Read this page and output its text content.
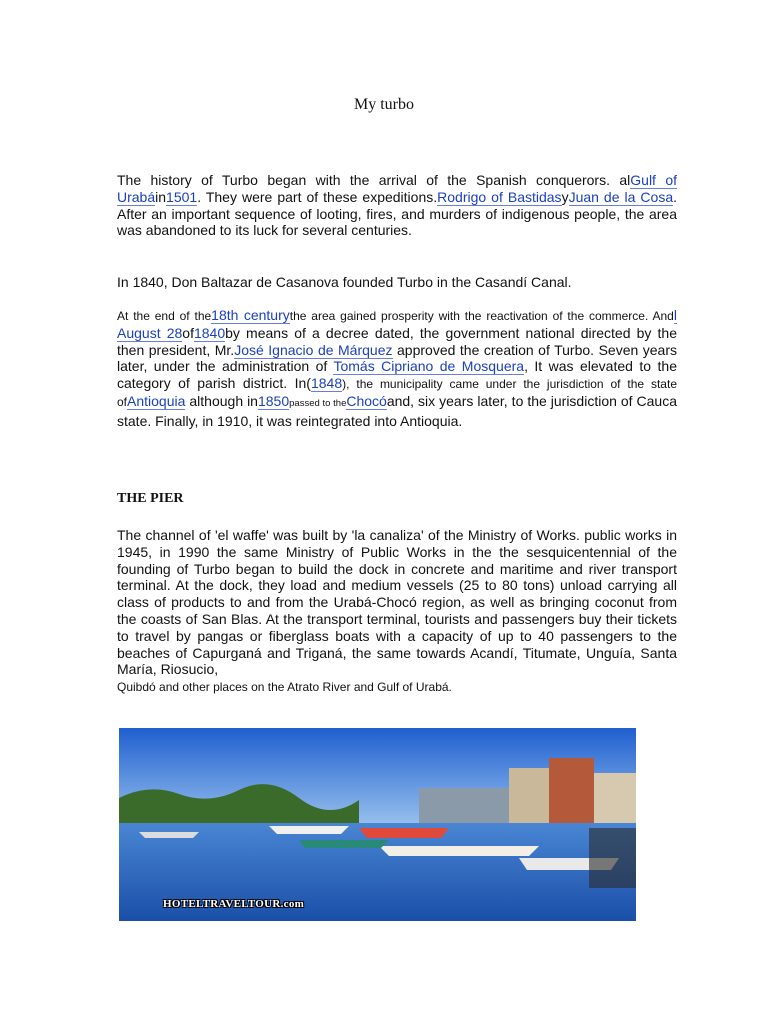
My turbo

The history of Turbo began with the arrival of the Spanish conquerors. alGulf of Urabáin1501. They were part of these expeditions.Rodrigo of BastidasyJuan de la Cosa. After an important sequence of looting, fires, and murders of indigenous people, the area was abandoned to its luck for several centuries.

In 1840, Don Baltazar de Casanova founded Turbo in the Casandí Canal.

At the end of the18th centurythe area gained prosperity with the reactivation of the commerce. Andl August 28of1840by means of a decree dated, the government national directed by the then president, Mr.José Ignacio de Márquez approved the creation of Turbo. Seven years later, under the administration of Tomás Cipriano de Mosquera, It was elevated to the category of parish district. In(1848), the municipality came under the jurisdiction of the state ofAntioquia although in1850passed to theChocóand, six years later, to the jurisdiction of Cauca state. Finally, in 1910, it was reintegrated into Antioquia.

THE PIER

The channel of 'el waffe' was built by 'la canaliza' of the Ministry of Works. public works in 1945, in 1990 the same Ministry of Public Works in the the sesquicentennial of the founding of Turbo began to build the dock in concrete and maritime and river transport terminal. At the dock, they load and medium vessels (25 to 80 tons) unload carrying all class of products to and from the Urabá-Chocó region, as well as bringing coconut from the coasts of San Blas. At the transport terminal, tourists and passengers buy their tickets to travel by pangas or fiberglass boats with a capacity of up to 40 passengers to the beaches of Capurganá and Triganá, the same towards Acandí, Titumate, Unguía, Santa María, Riosucio,
Quibdó and other places on the Atrato River and Gulf of Urabá.

HOTELTRAVELTOUR.com
